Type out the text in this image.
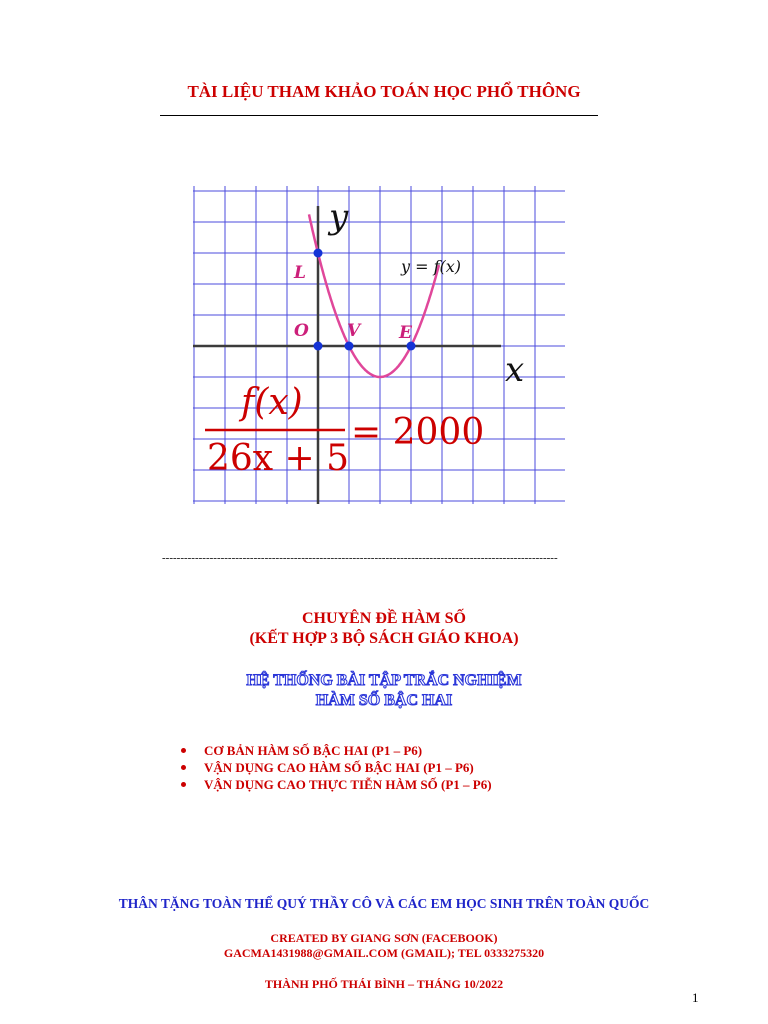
TÀI LIỆU THAM KHẢO TOÁN HỌC PHỔ THÔNG
y
x
y = f(x)
L
O V E
f(x)
26x + 5
= 2000
------------------------------------------------------------------------------------------------------------
CHUYÊN ĐỀ HÀM SỐ
(KẾT HỢP 3 BỘ SÁCH GIÁO KHOA)
HỆ THỐNG BÀI TẬP TRẮC NGHIỆM
HÀM SỐ BẬC HAI
CƠ BẢN HÀM SỐ BẬC HAI (P1 – P6)
VẬN DỤNG CAO HÀM SỐ BẬC HAI (P1 – P6)
VẬN DỤNG CAO THỰC TIỄN HÀM SỐ (P1 – P6)
THÂN TẶNG TOÀN THỂ QUÝ THẦY CÔ VÀ CÁC EM HỌC SINH TRÊN TOÀN QUỐC
CREATED BY GIANG SƠN (FACEBOOK)
GACMA1431988@GMAIL.COM (GMAIL); TEL 0333275320
THÀNH PHỐ THÁI BÌNH – THÁNG 10/2022
1
